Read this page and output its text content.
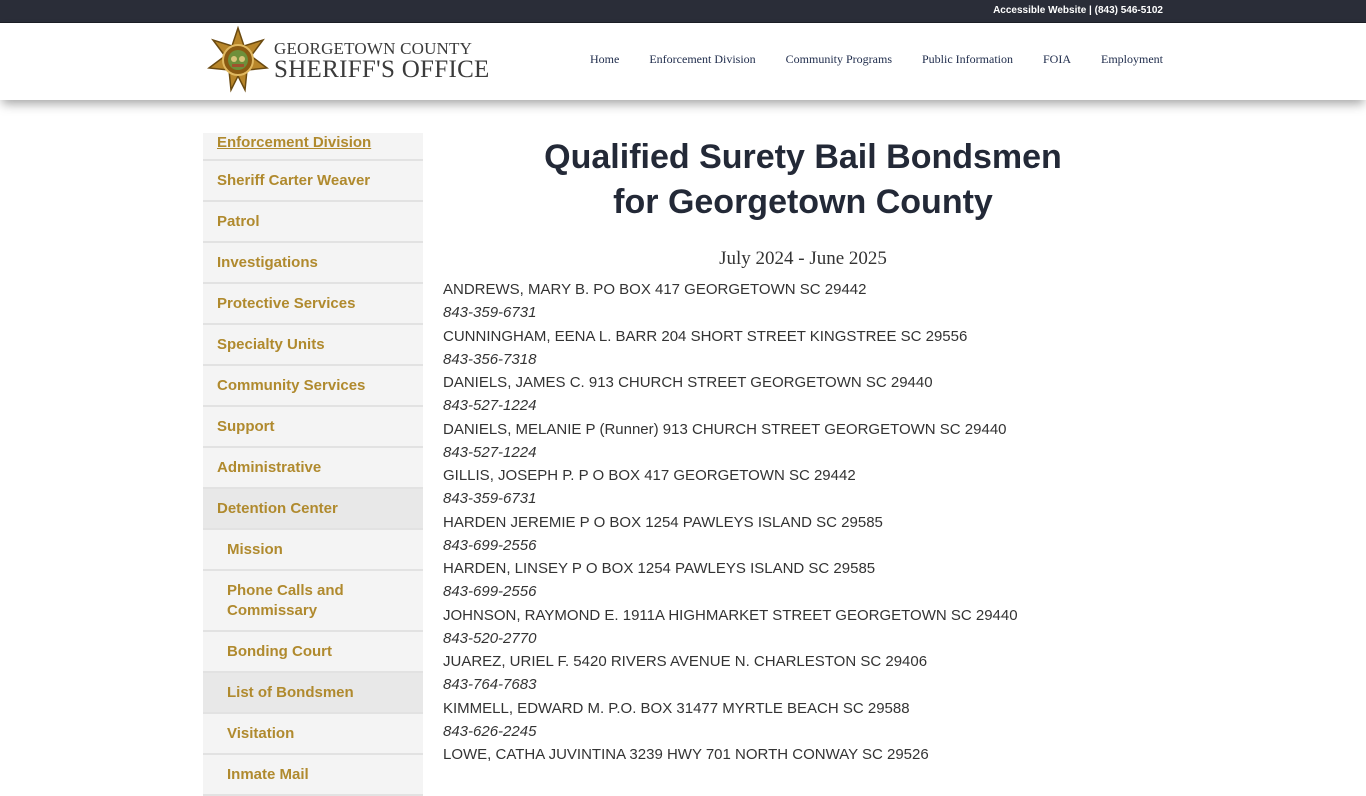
Accessible Website | (843) 546-5102
GEORGETOWN COUNTY
SHERIFF'S OFFICE	Home	Enforcement Division	Community Programs	Public Information	FOIA	Employment
Enforcement Division
Sheriff Carter Weaver
Patrol
Investigations
Protective Services
Specialty Units
Community Services
Support
Administrative
Detention Center
Mission
Phone Calls and Commissary
Bonding Court
List of Bondsmen
Visitation
Inmate Mail
Qualified Surety Bail Bondsmen
for Georgetown County
July 2024 - June 2025
ANDREWS, MARY B. PO BOX 417 GEORGETOWN SC 29442
843-359-6731
CUNNINGHAM, EENA L. BARR 204 SHORT STREET KINGSTREE SC 29556
843-356-7318
DANIELS, JAMES C. 913 CHURCH STREET GEORGETOWN SC 29440
843-527-1224
DANIELS, MELANIE P (Runner) 913 CHURCH STREET GEORGETOWN SC 29440
843-527-1224
GILLIS, JOSEPH P. P O BOX 417 GEORGETOWN SC 29442
843-359-6731
HARDEN JEREMIE P O BOX 1254 PAWLEYS ISLAND SC 29585
843-699-2556
HARDEN, LINSEY P O BOX 1254 PAWLEYS ISLAND SC 29585
843-699-2556
JOHNSON, RAYMOND E. 1911A HIGHMARKET STREET GEORGETOWN SC 29440
843-520-2770
JUAREZ, URIEL F. 5420 RIVERS AVENUE N. CHARLESTON SC 29406
843-764-7683
KIMMELL, EDWARD M. P.O. BOX 31477 MYRTLE BEACH SC 29588
843-626-2245
LOWE, CATHA JUVINTINA 3239 HWY 701 NORTH CONWAY SC 29526
